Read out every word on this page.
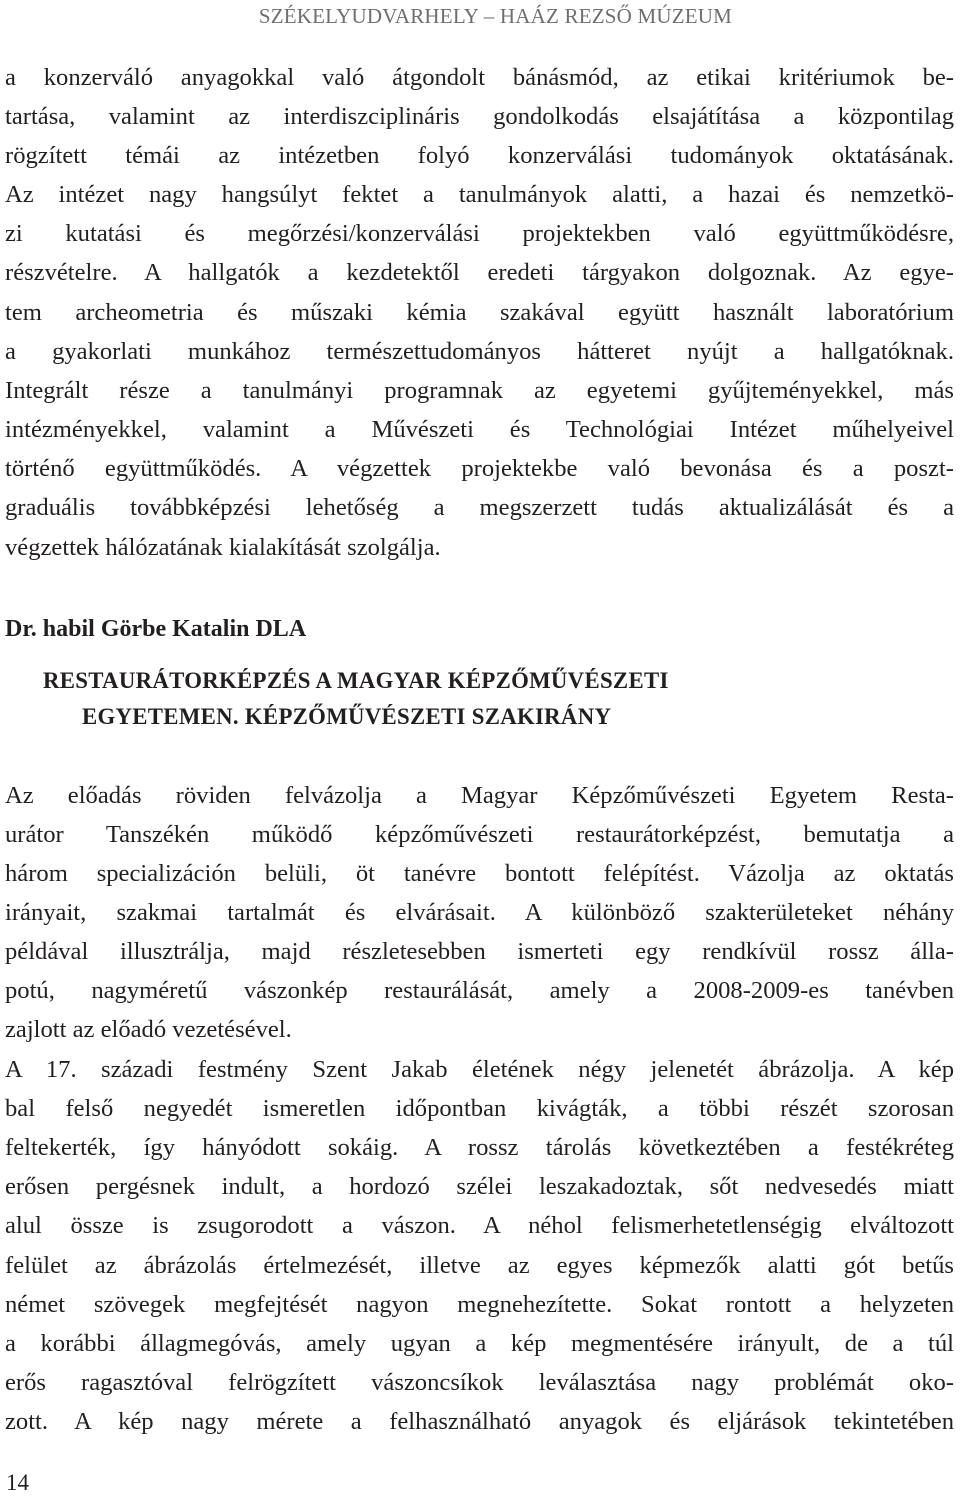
SZÉKELYUDVARHELY – HAÁZ REZSŐ MÚZEUM
a konzerváló anyagokkal való átgondolt bánásmód, az etikai kritériumok be-
tartása, valamint az interdiszciplináris gondolkodás elsajátítása a központilag
rögzített témái az intézetben folyó konzerválási tudományok oktatásának.
Az intézet nagy hangsúlyt fektet a tanulmányok alatti, a hazai és nemzetkö-
zi kutatási és megőrzési/konzerválási projektekben való együttműködésre,
részvételre. A hallgatók a kezdetektől eredeti tárgyakon dolgoznak. Az egye-
tem archeometria és műszaki kémia szakával együtt használt laboratórium
a gyakorlati munkához természettudományos hátteret nyújt a hallgatóknak.
Integrált része a tanulmányi programnak az egyetemi gyűjteményekkel, más
intézményekkel, valamint a Művészeti és Technológiai Intézet műhelyeivel
történő együttműködés. A végzettek projektekbe való bevonása és a poszt-
graduális továbbképzési lehetőség a megszerzett tudás aktualizálását és a
végzettek hálózatának kialakítását szolgálja.
Dr. habil Görbe Katalin DLA
RESTAURÁTORKÉPZÉS A MAGYAR KÉPZŐMŰVÉSZETI
EGYETEMEN. KÉPZŐMŰVÉSZETI SZAKIRÁNY
Az előadás röviden felvázolja a Magyar Képzőművészeti Egyetem Resta-
urátor Tanszékén működő képzőművészeti restaurátorképzést, bemutatja a
három specializáción belüli, öt tanévre bontott felépítést. Vázolja az oktatás
irányait, szakmai tartalmát és elvárásait. A különböző szakterületeket néhány
példával illusztrálja, majd részletesebben ismerteti egy rendkívül rossz álla-
potú, nagyméretű vászonkép restaurálását, amely a 2008-2009-es tanévben
zajlott az előadó vezetésével.
A 17. századi festmény Szent Jakab életének négy jelenetét ábrázolja. A kép
bal felső negyedét ismeretlen időpontban kivágták, a többi részét szorosan
feltekerték, így hányódott sokáig. A rossz tárolás következtében a festékréteg
erősen pergésnek indult, a hordozó szélei leszakadoztak, sőt nedvesedés miatt
alul össze is zsugorodott a vászon. A néhol felismerhetetlenségig elváltozott
felület az ábrázolás értelmezését, illetve az egyes képmezők alatti gót betűs
német szövegek megfejtését nagyon megnehezítette. Sokat rontott a helyzeten
a korábbi állagmegóvás, amely ugyan a kép megmentésére irányult, de a túl
erős ragasztóval felrögzített vászoncsíkok leválasztása nagy problémát oko-
zott. A kép nagy mérete a felhasználható anyagok és eljárások tekintetében
14
